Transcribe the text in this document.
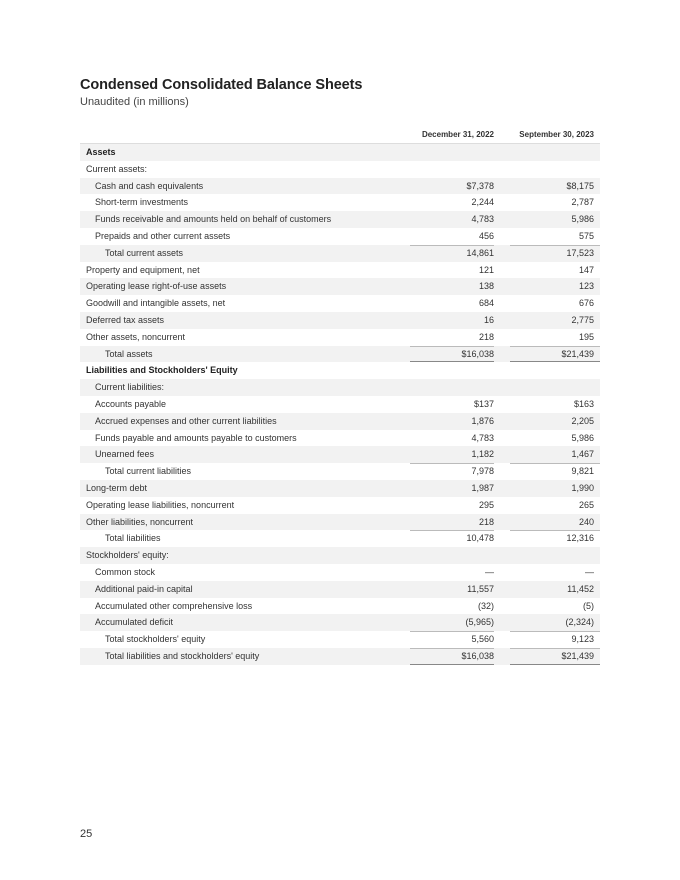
Condensed Consolidated Balance Sheets
Unaudited (in millions)
December 31, 2022	September 30, 2023
Assets
Current assets:
Cash and cash equivalents	$7,378	$8,175
Short-term investments	2,244	2,787
Funds receivable and amounts held on behalf of customers	4,783	5,986
Prepaids and other current assets	456	575
Total current assets	14,861	17,523
Property and equipment, net	121	147
Operating lease right-of-use assets	138	123
Goodwill and intangible assets, net	684	676
Deferred tax assets	16	2,775
Other assets, noncurrent	218	195
Total assets	$16,038	$21,439
Liabilities and Stockholders' Equity
Current liabilities:
Accounts payable	$137	$163
Accrued expenses and other current liabilities	1,876	2,205
Funds payable and amounts payable to customers	4,783	5,986
Unearned fees	1,182	1,467
Total current liabilities	7,978	9,821
Long-term debt	1,987	1,990
Operating lease liabilities, noncurrent	295	265
Other liabilities, noncurrent	218	240
Total liabilities	10,478	12,316
Stockholders' equity:
Common stock	—	—
Additional paid-in capital	11,557	11,452
Accumulated other comprehensive loss	(32)	(5)
Accumulated deficit	(5,965)	(2,324)
Total stockholders' equity	5,560	9,123
Total liabilities and stockholders' equity	$16,038	$21,439
25
